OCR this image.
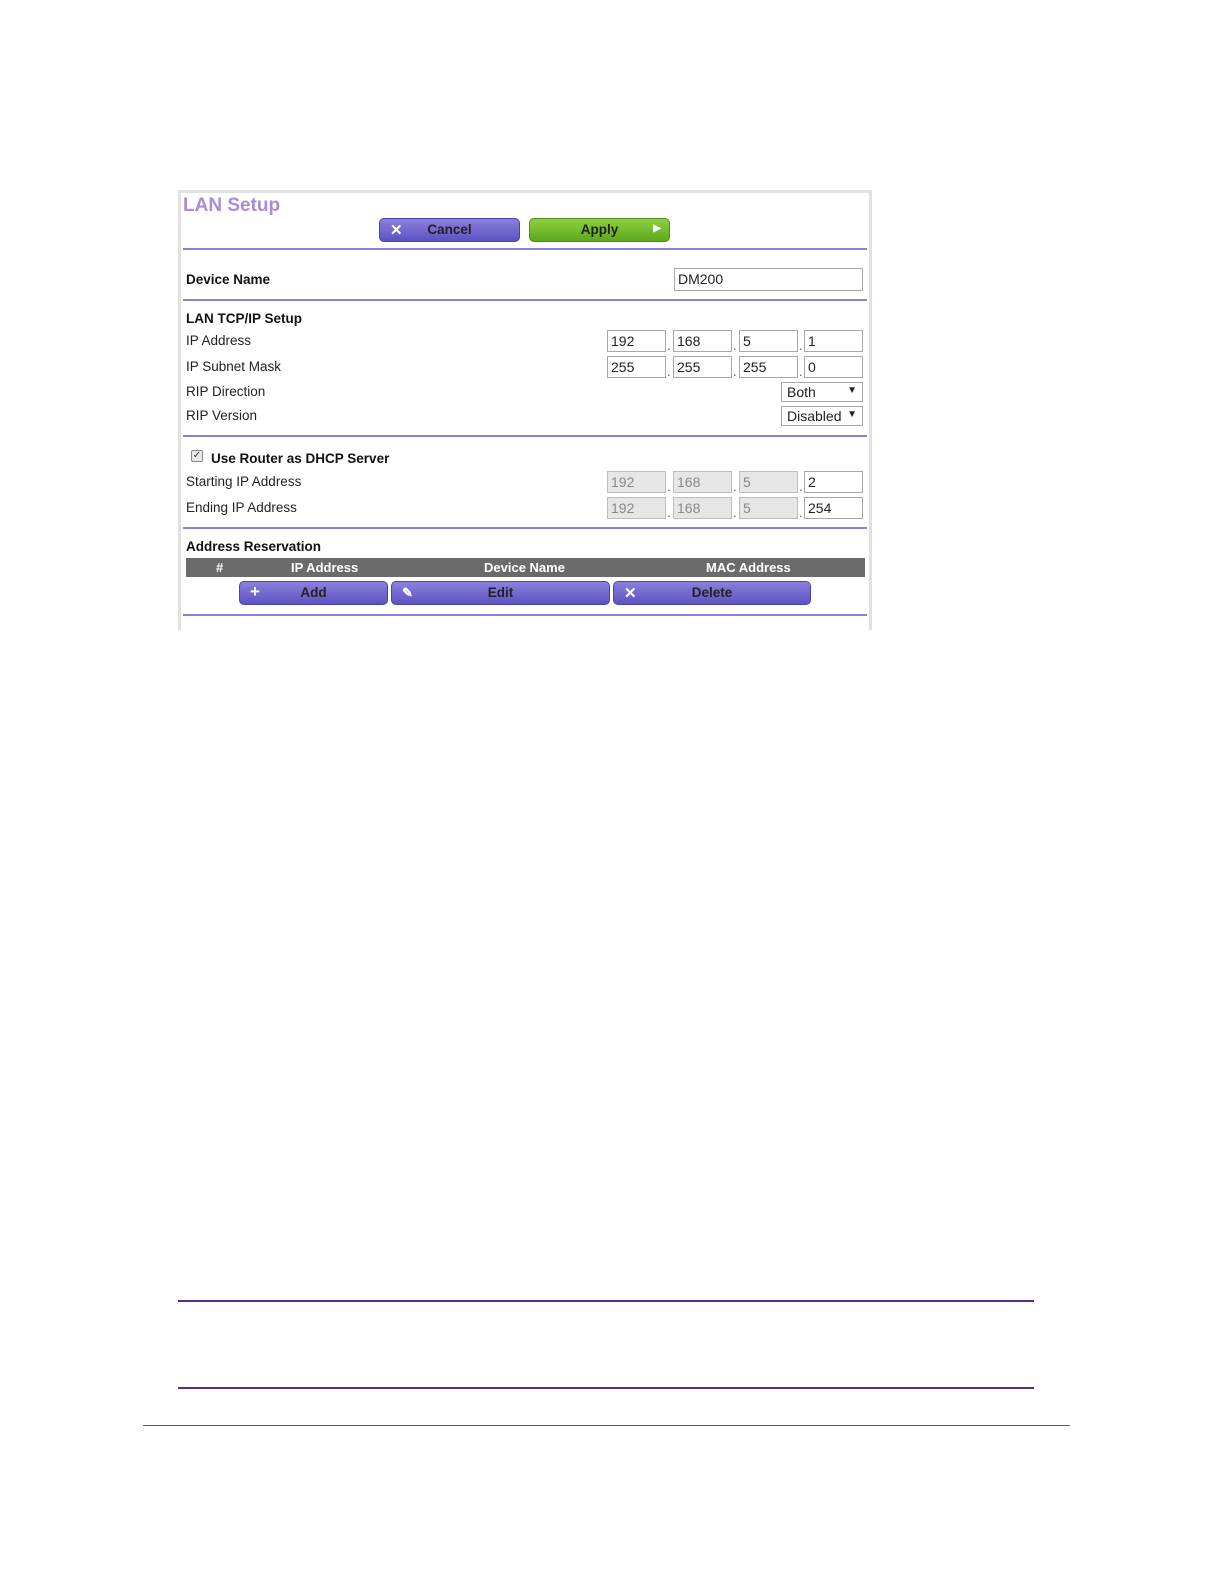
LAN Setup
✕	Cancel	Apply	▶
Device Name	DM200
LAN TCP/IP Setup
IP Address	192	. 168	. 5	. 1
IP Subnet Mask	255	. 255	. 255	. 0
RIP Direction	Both	▼
RIP Version	Disabled ▼
✓ Use Router as DHCP Server
Starting IP Address	192	. 168	. 5	. 2
Ending IP Address	192	. 168	. 5	. 254
Address Reservation
#	IP Address	Device Name	MAC Address
+	Add	✎	Edit	✕	Delete
